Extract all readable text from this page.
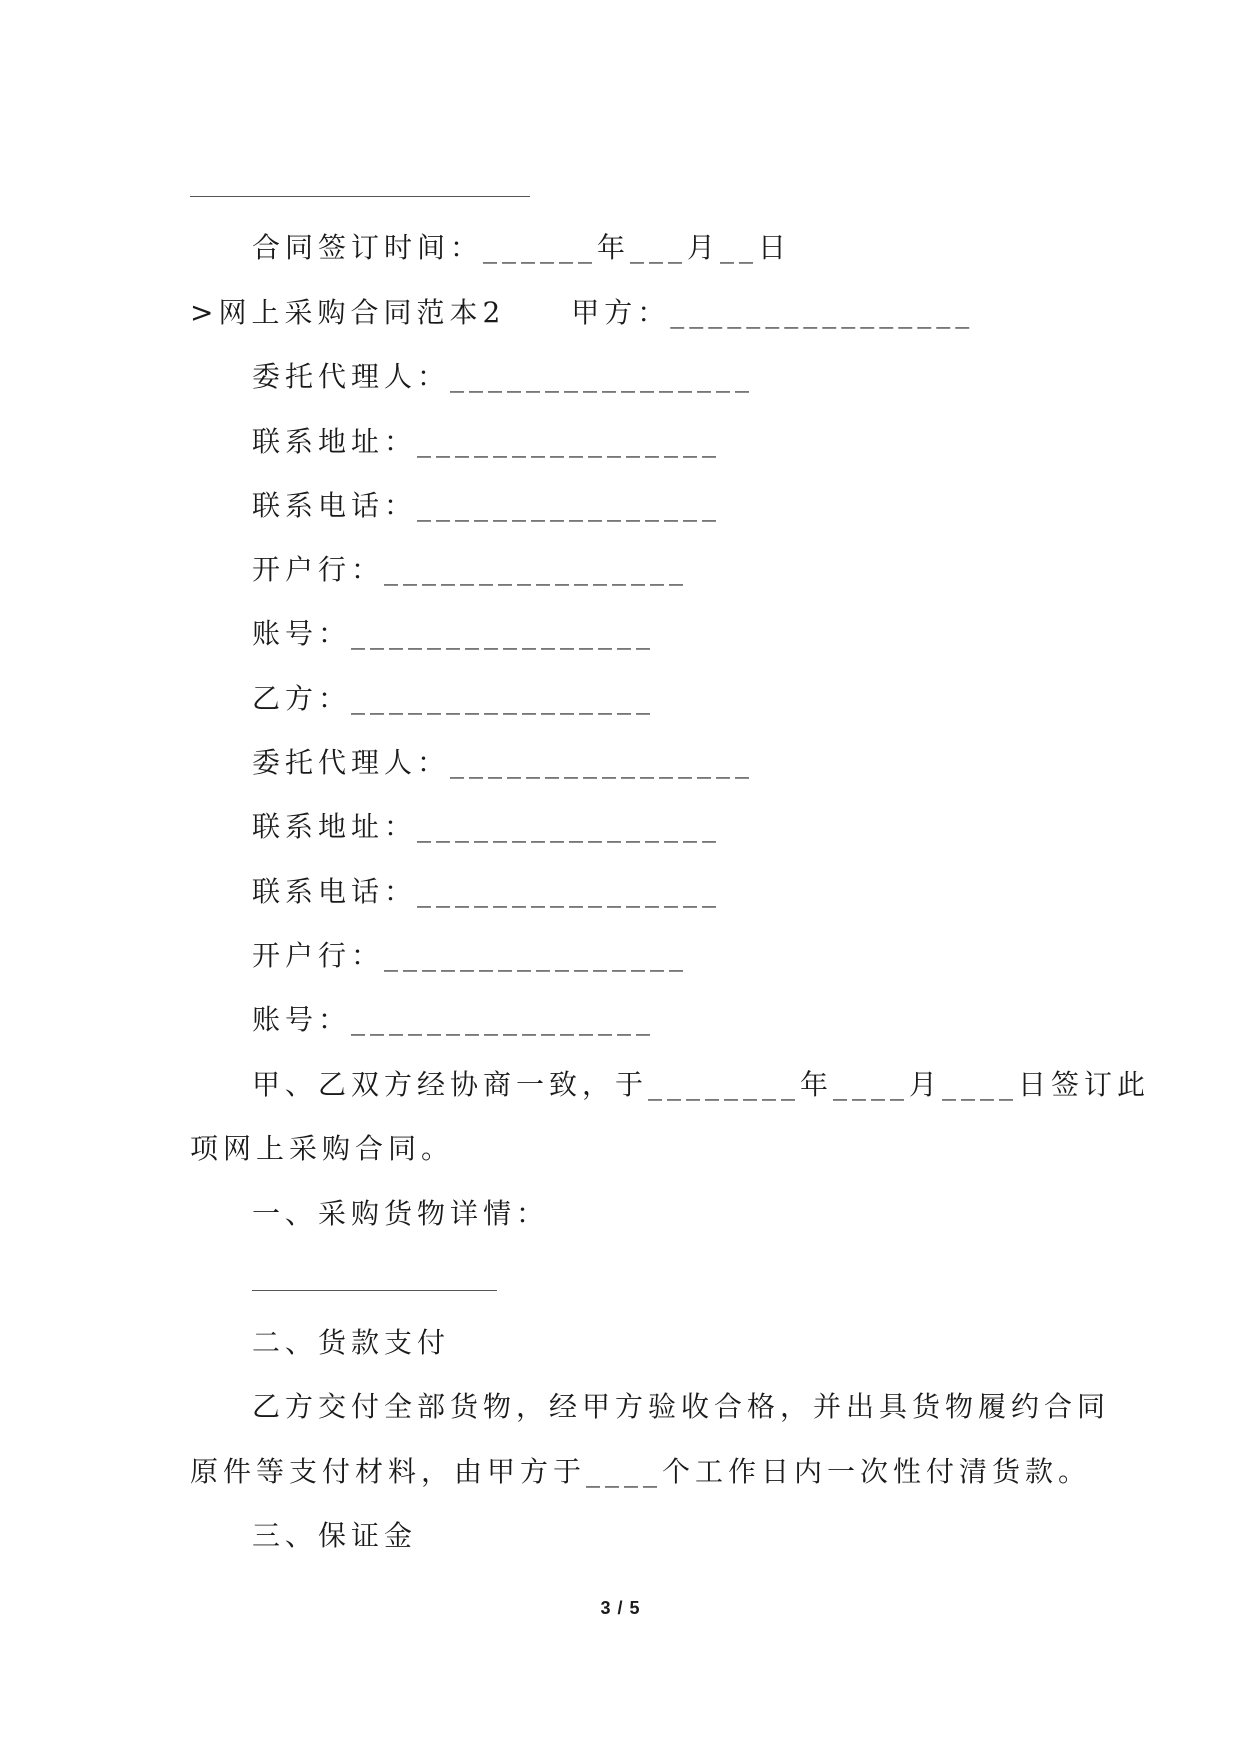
合同签订时间：______年___月__日
>网上采购合同范本2　　甲方：________________
委托代理人：________________
联系地址：________________
联系电话：________________
开户行：________________
账号：________________
乙方：________________
委托代理人：________________
联系地址：________________
联系电话：________________
开户行：________________
账号：________________
甲、乙双方经协商一致，于________年____月____日签订此
项网上采购合同。
一、采购货物详情：
二、货款支付
乙方交付全部货物，经甲方验收合格，并出具货物履约合同
原件等支付材料，由甲方于____个工作日内一次性付清货款。
三、保证金
3 / 5
